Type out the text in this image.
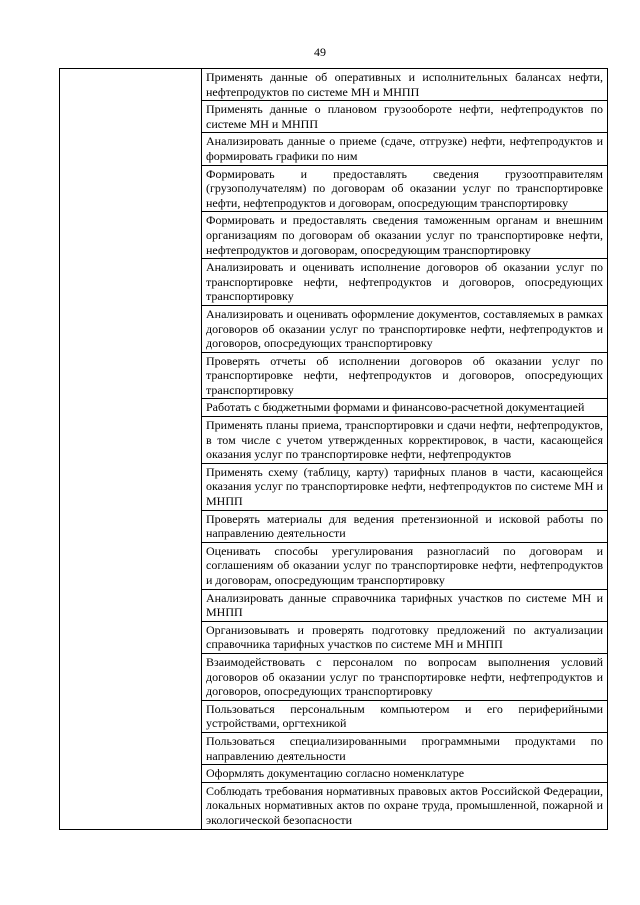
49
	Применять данные об оперативных и исполнительных балансах нефти, нефтепродуктов по системе МН и МНПП
Применять данные о плановом грузообороте нефти, нефтепродуктов по системе МН и МНПП
Анализировать данные о приеме (сдаче, отгрузке) нефти, нефтепродуктов и формировать графики по ним
Формировать и предоставлять сведения грузоотправителям (грузополучателям) по договорам об оказании услуг по транспортировке нефти, нефтепродуктов и договорам, опосредующим транспортировку
Формировать и предоставлять сведения таможенным органам и внешним организациям по договорам об оказании услуг по транспортировке нефти, нефтепродуктов и договорам, опосредующим транспортировку
Анализировать и оценивать исполнение договоров об оказании услуг по транспортировке нефти, нефтепродуктов и договоров, опосредующих транспортировку
Анализировать и оценивать оформление документов, составляемых в рамках договоров об оказании услуг по транспортировке нефти, нефтепродуктов и договоров, опосредующих транспортировку
Проверять отчеты об исполнении договоров об оказании услуг по транспортировке нефти, нефтепродуктов и договоров, опосредующих транспортировку
Работать с бюджетными формами и финансово-расчетной документацией
Применять планы приема, транспортировки и сдачи нефти, нефтепродуктов, в том числе с учетом утвержденных корректировок, в части, касающейся оказания услуг по транспортировке нефти, нефтепродуктов
Применять схему (таблицу, карту) тарифных планов в части, касающейся оказания услуг по транспортировке нефти, нефтепродуктов по системе МН и МНПП
Проверять материалы для ведения претензионной и исковой работы по направлению деятельности
Оценивать способы урегулирования разногласий по договорам и соглашениям об оказании услуг по транспортировке нефти, нефтепродуктов и договорам, опосредующим транспортировку
Анализировать данные справочника тарифных участков по системе МН и МНПП
Организовывать и проверять подготовку предложений по актуализации справочника тарифных участков по системе МН и МНПП
Взаимодействовать с персоналом по вопросам выполнения условий договоров об оказании услуг по транспортировке нефти, нефтепродуктов и договоров, опосредующих транспортировку
Пользоваться персональным компьютером и его периферийными устройствами, оргтехникой
Пользоваться специализированными программными продуктами по направлению деятельности
Оформлять документацию согласно номенклатуре
Соблюдать требования нормативных правовых актов Российской Федерации, локальных нормативных актов по охране труда, промышленной, пожарной и экологической безопасности
